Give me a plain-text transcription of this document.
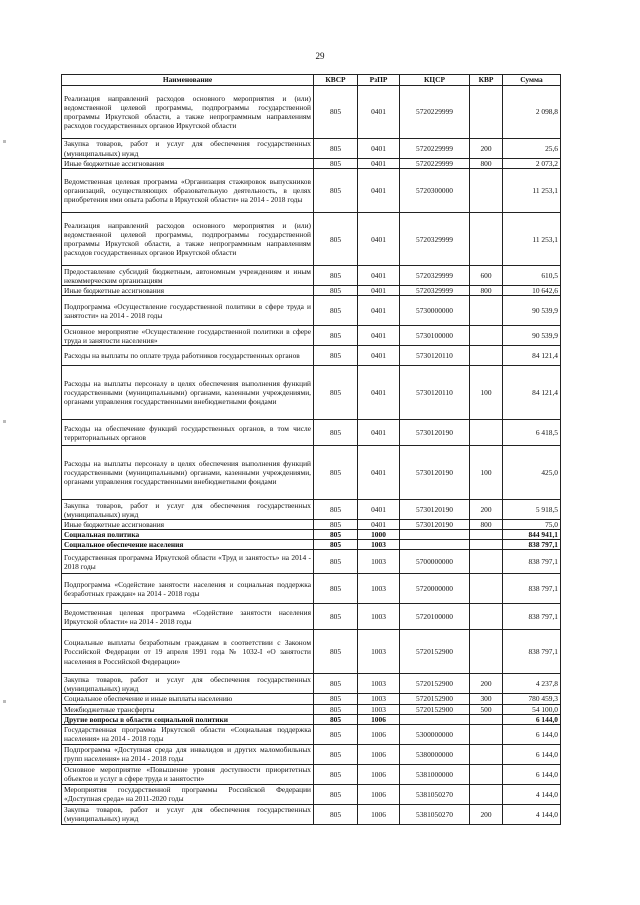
29
Наименование	КВСР	РзПР	КЦСР	КВР	Сумма
Реализация направлений расходов основного мероприятия и (или) ведомственной целевой программы, подпрограммы государственной программы Иркутской области, а также непрограммным направлениям расходов государственных органов Иркутской области	805	0401	5720229999		2 098,8
Закупка товаров, работ и услуг для обеспечения государственных (муниципальных) нужд	805	0401	5720229999	200	25,6
Иные бюджетные ассигнования	805	0401	5720229999	800	2 073,2
Ведомственная целевая программа «Организация стажировок выпускников организаций, осуществляющих образовательную деятельность, в целях приобретения ими опыта работы в Иркутской области» на 2014 - 2018 годы	805	0401	5720300000		11 253,1
Реализация направлений расходов основного мероприятия и (или) ведомственной целевой программы, подпрограммы государственной программы Иркутской области, а также непрограммным направлениям расходов государственных органов Иркутской области	805	0401	5720329999		11 253,1
Предоставление субсидий бюджетным, автономным учреждениям и иным некоммерческим организациям	805	0401	5720329999	600	610,5
Иные бюджетные ассигнования	805	0401	5720329999	800	10 642,6
Подпрограмма «Осуществление государственной политики в сфере труда и занятости» на 2014 - 2018 годы	805	0401	5730000000		90 539,9
Основное мероприятие «Осуществление государственной политики в сфере труда и занятости населения»	805	0401	5730100000		90 539,9
Расходы на выплаты по оплате труда работников государственных органов	805	0401	5730120110		84 121,4
Расходы на выплаты персоналу в целях обеспечения выполнения функций государственными (муниципальными) органами, казенными учреждениями, органами управления государственными внебюджетными фондами	805	0401	5730120110	100	84 121,4
Расходы на обеспечение функций государственных органов, в том числе территориальных органов	805	0401	5730120190		6 418,5
Расходы на выплаты персоналу в целях обеспечения выполнения функций государственными (муниципальными) органами, казенными учреждениями, органами управления государственными внебюджетными фондами	805	0401	5730120190	100	425,0
Закупка товаров, работ и услуг для обеспечения государственных (муниципальных) нужд	805	0401	5730120190	200	5 918,5
Иные бюджетные ассигнования	805	0401	5730120190	800	75,0
Социальная политика	805	1000			844 941,1
Социальное обеспечение населения	805	1003			838 797,1
Государственная программа Иркутской области «Труд и занятость» на 2014 - 2018 годы	805	1003	5700000000		838 797,1
Подпрограмма «Содействие занятости населения и социальная поддержка безработных граждан» на 2014 - 2018 годы	805	1003	5720000000		838 797,1
Ведомственная целевая программа «Содействие занятости населения Иркутской области» на 2014 - 2018 годы	805	1003	5720100000		838 797,1
Социальные выплаты безработным гражданам в соответствии с Законом Российской Федерации от 19 апреля 1991 года № 1032-I «О занятости населения в Российской Федерации»	805	1003	5720152900		838 797,1
Закупка товаров, работ и услуг для обеспечения государственных (муниципальных) нужд	805	1003	5720152900	200	4 237,8
Социальное обеспечение и иные выплаты населению	805	1003	5720152900	300	780 459,3
Межбюджетные трансферты	805	1003	5720152900	500	54 100,0
Другие вопросы в области социальной политики	805	1006			6 144,0
Государственная программа Иркутской области «Социальная поддержка населения» на 2014 - 2018 годы	805	1006	5300000000		6 144,0
Подпрограмма «Доступная среда для инвалидов и других маломобильных групп населения» на 2014 - 2018 годы	805	1006	5380000000		6 144,0
Основное мероприятие «Повышение уровня доступности приоритетных объектов и услуг в сфере труда и занятости»	805	1006	5381000000		6 144,0
Мероприятия государственной программы Российской Федерации «Доступная среда» на 2011-2020 годы	805	1006	5381050270		4 144,0
Закупка товаров, работ и услуг для обеспечения государственных (муниципальных) нужд	805	1006	5381050270	200	4 144,0
